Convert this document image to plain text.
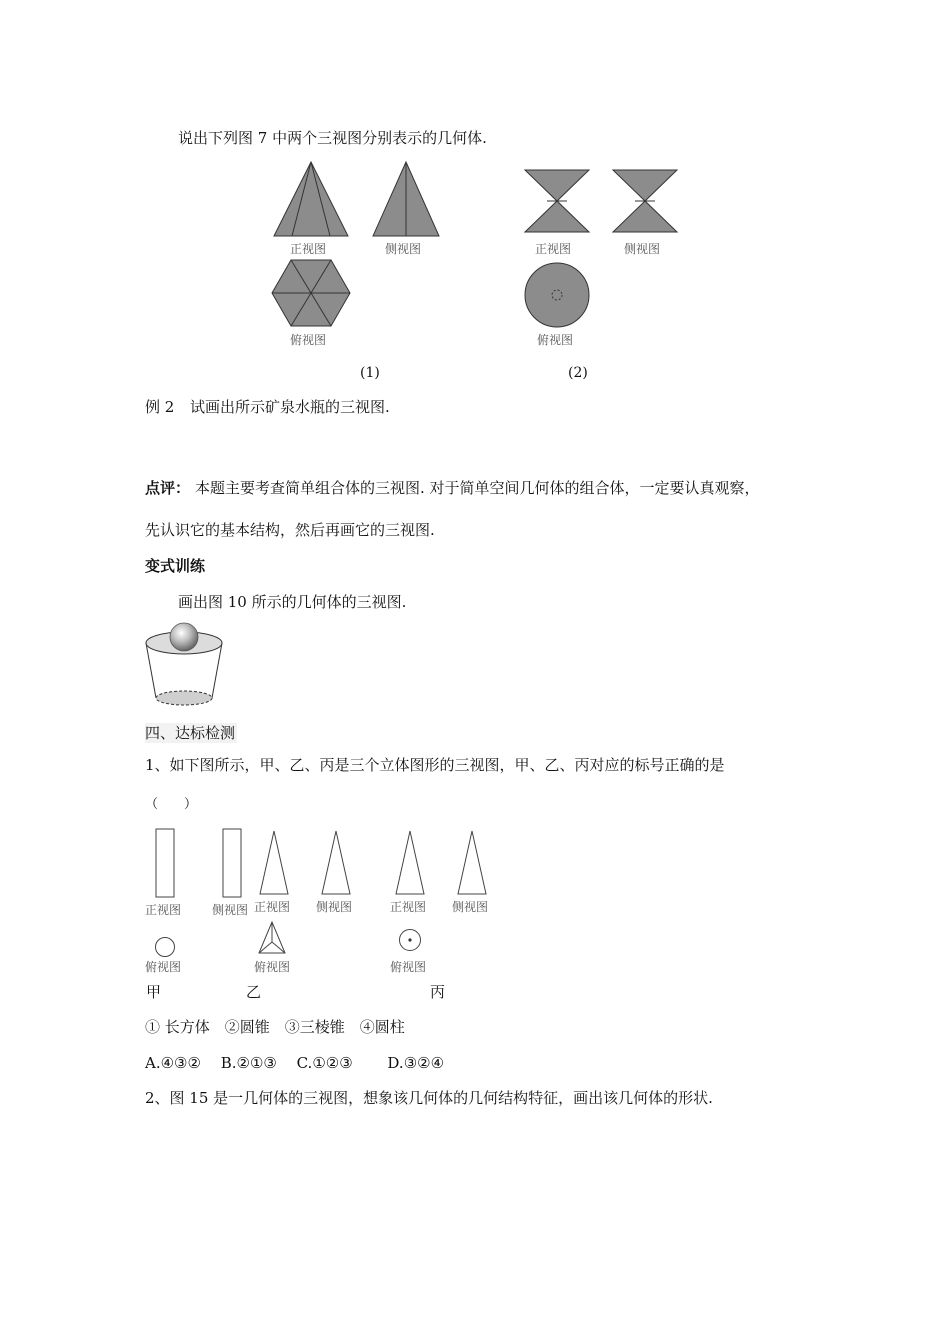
说出下列图 7 中两个三视图分别表示的几何体.
正视图	侧视图
俯视图
正视图	侧视图
俯视图
(1)	(2)
例 2 试画出所示矿泉水瓶的三视图.
点评： 本题主要考查简单组合体的三视图. 对于简单空间几何体的组合体，一定要认真观察，
先认识它的基本结构，然后再画它的三视图.
变式训练
画出图 10 所示的几何体的三视图.
四、达标检测
1、如下图所示，甲、乙、丙是三个立体图形的三视图，甲、乙、丙对应的标号正确的是
（　　）
正视图	侧视图
俯视图
正视图 侧视图
俯视图
正视图 侧视图
俯视图
甲	乙	丙
① 长方体　②圆锥　③三棱锥　④圆柱
A.④③②　 B.②①③　 C.①②③　　 D.③②④
2、图 15 是一几何体的三视图，想象该几何体的几何结构特征，画出该几何体的形状.
